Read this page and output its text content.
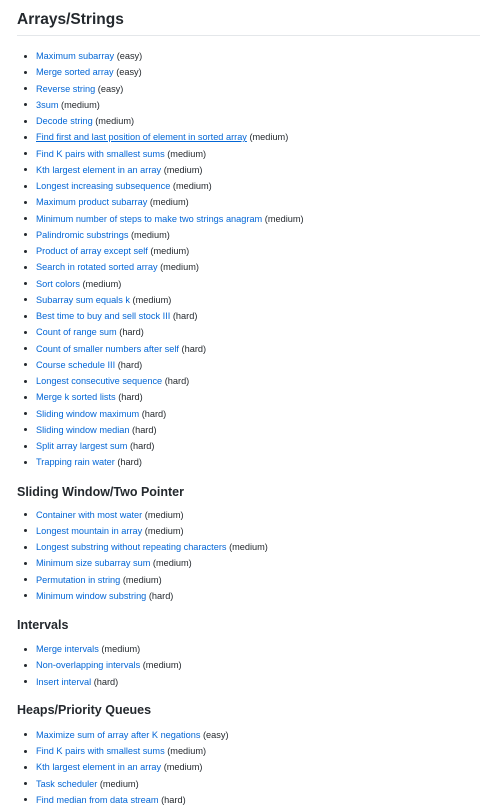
Arrays/Strings
Maximum subarray (easy)
Merge sorted array (easy)
Reverse string (easy)
3sum (medium)
Decode string (medium)
Find first and last position of element in sorted array (medium)
Find K pairs with smallest sums (medium)
Kth largest element in an array (medium)
Longest increasing subsequence (medium)
Maximum product subarray (medium)
Minimum number of steps to make two strings anagram (medium)
Palindromic substrings (medium)
Product of array except self (medium)
Search in rotated sorted array (medium)
Sort colors (medium)
Subarray sum equals k (medium)
Best time to buy and sell stock III (hard)
Count of range sum (hard)
Count of smaller numbers after self (hard)
Course schedule III (hard)
Longest consecutive sequence (hard)
Merge k sorted lists (hard)
Sliding window maximum (hard)
Sliding window median (hard)
Split array largest sum (hard)
Trapping rain water (hard)
Sliding Window/Two Pointer
Container with most water (medium)
Longest mountain in array (medium)
Longest substring without repeating characters (medium)
Minimum size subarray sum (medium)
Permutation in string (medium)
Minimum window substring (hard)
Intervals
Merge intervals (medium)
Non-overlapping intervals (medium)
Insert interval (hard)
Heaps/Priority Queues
Maximize sum of array after K negations (easy)
Find K pairs with smallest sums (medium)
Kth largest element in an array (medium)
Task scheduler (medium)
Find median from data stream (hard)
